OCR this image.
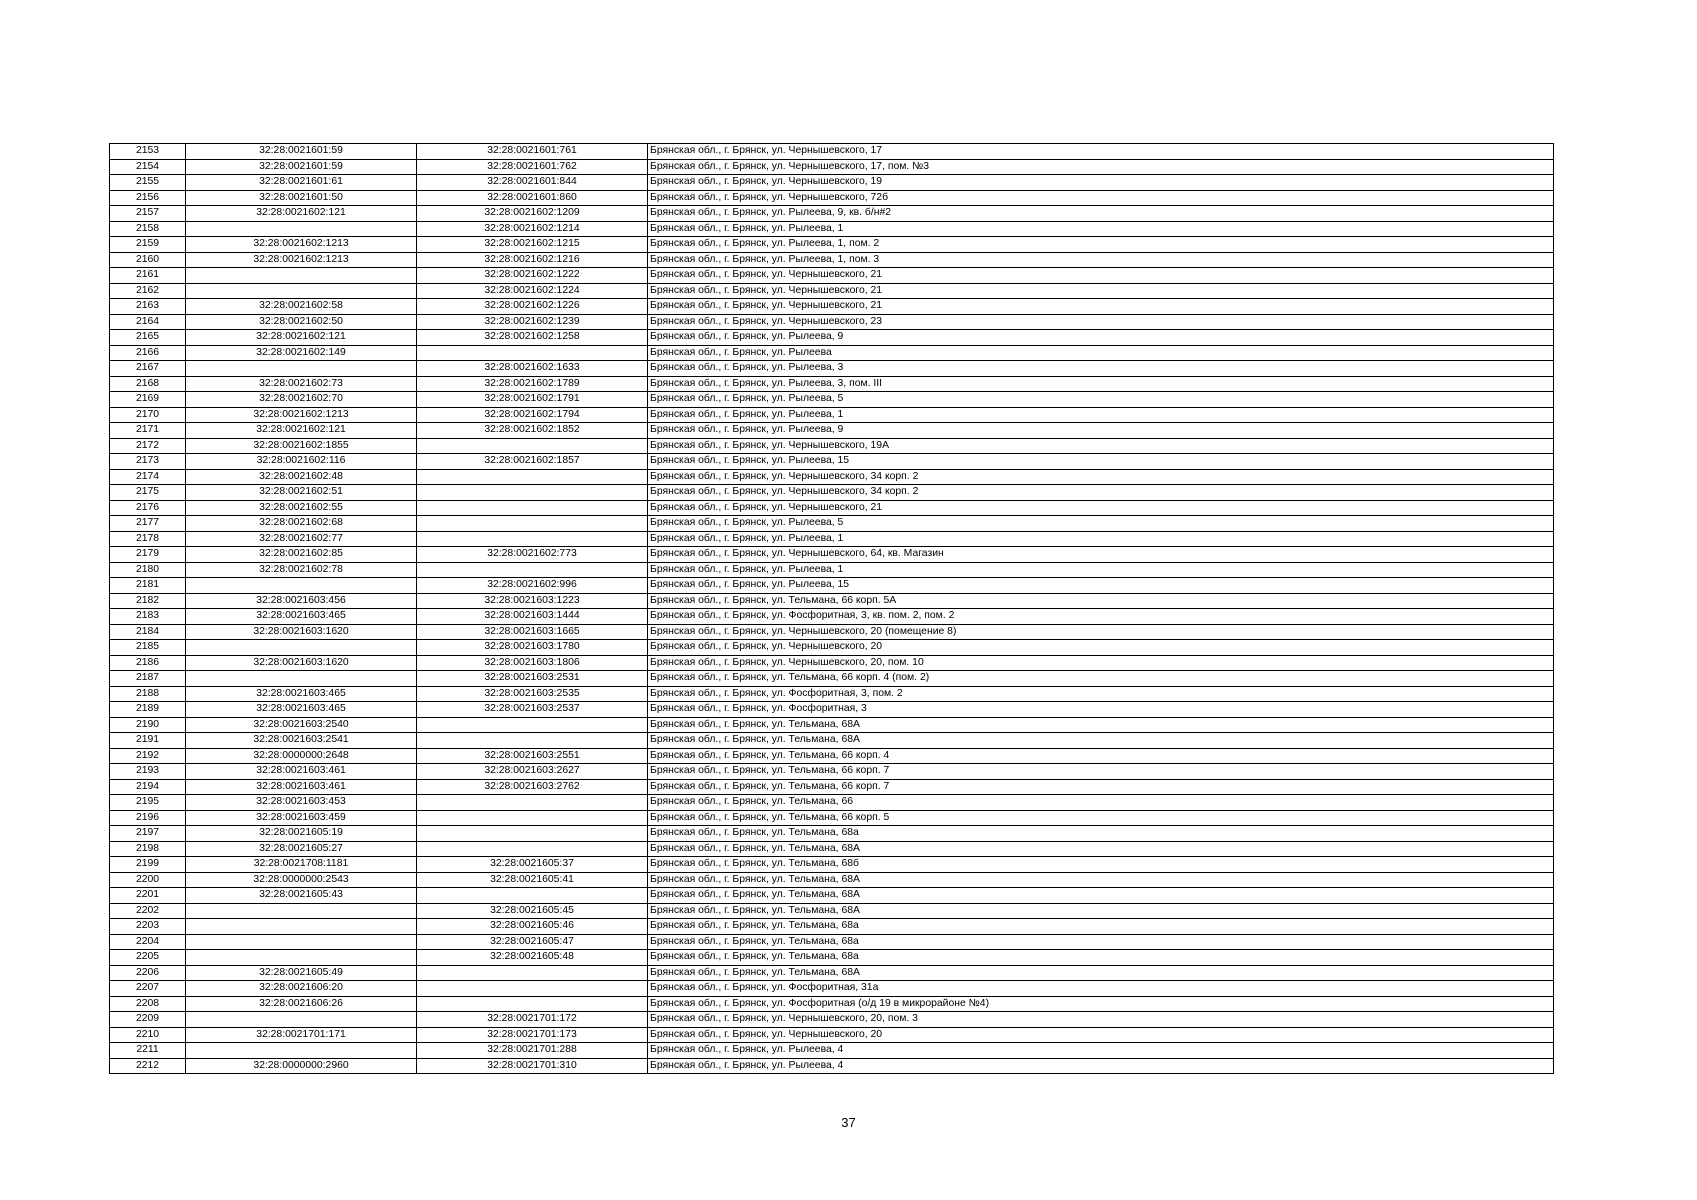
2153	32:28:0021601:59	32:28:0021601:761	Брянская обл., г. Брянск, ул. Чернышевского, 17
2154	32:28:0021601:59	32:28:0021601:762	Брянская обл., г. Брянск, ул. Чернышевского, 17, пом. №3
2155	32:28:0021601:61	32:28:0021601:844	Брянская обл., г. Брянск, ул. Чернышевского, 19
2156	32:28:0021601:50	32:28:0021601:860	Брянская обл., г. Брянск, ул. Чернышевского, 72б
2157	32:28:0021602:121	32:28:0021602:1209	Брянская обл., г. Брянск, ул. Рылеева, 9, кв. б/н#2
2158		32:28:0021602:1214	Брянская обл., г. Брянск, ул. Рылеева, 1
2159	32:28:0021602:1213	32:28:0021602:1215	Брянская обл., г. Брянск, ул. Рылеева, 1, пом. 2
2160	32:28:0021602:1213	32:28:0021602:1216	Брянская обл., г. Брянск, ул. Рылеева, 1, пом. 3
2161		32:28:0021602:1222	Брянская обл., г. Брянск, ул. Чернышевского, 21
2162		32:28:0021602:1224	Брянская обл., г. Брянск, ул. Чернышевского, 21
2163	32:28:0021602:58	32:28:0021602:1226	Брянская обл., г. Брянск, ул. Чернышевского, 21
2164	32:28:0021602:50	32:28:0021602:1239	Брянская обл., г. Брянск, ул. Чернышевского, 23
2165	32:28:0021602:121	32:28:0021602:1258	Брянская обл., г. Брянск, ул. Рылеева, 9
2166	32:28:0021602:149		Брянская обл., г. Брянск, ул. Рылеева
2167		32:28:0021602:1633	Брянская обл., г. Брянск, ул. Рылеева, 3
2168	32:28:0021602:73	32:28:0021602:1789	Брянская обл., г. Брянск, ул. Рылеева, 3, пом. III
2169	32:28:0021602:70	32:28:0021602:1791	Брянская обл., г. Брянск, ул. Рылеева, 5
2170	32:28:0021602:1213	32:28:0021602:1794	Брянская обл., г. Брянск, ул. Рылеева, 1
2171	32:28:0021602:121	32:28:0021602:1852	Брянская обл., г. Брянск, ул. Рылеева, 9
2172	32:28:0021602:1855		Брянская обл., г. Брянск, ул. Чернышевского, 19А
2173	32:28:0021602:116	32:28:0021602:1857	Брянская обл., г. Брянск, ул. Рылеева, 15
2174	32:28:0021602:48		Брянская обл., г. Брянск, ул. Чернышевского, 34 корп. 2
2175	32:28:0021602:51		Брянская обл., г. Брянск, ул. Чернышевского, 34 корп. 2
2176	32:28:0021602:55		Брянская обл., г. Брянск, ул. Чернышевского, 21
2177	32:28:0021602:68		Брянская обл., г. Брянск, ул. Рылеева, 5
2178	32:28:0021602:77		Брянская обл., г. Брянск, ул. Рылеева, 1
2179	32:28:0021602:85	32:28:0021602:773	Брянская обл., г. Брянск, ул. Чернышевского, 64, кв. Магазин
2180	32:28:0021602:78		Брянская обл., г. Брянск, ул. Рылеева, 1
2181		32:28:0021602:996	Брянская обл., г. Брянск, ул. Рылеева, 15
2182	32:28:0021603:456	32:28:0021603:1223	Брянская обл., г. Брянск, ул. Тельмана, 66 корп. 5А
2183	32:28:0021603:465	32:28:0021603:1444	Брянская обл., г. Брянск, ул. Фосфоритная, 3, кв. пом. 2, пом. 2
2184	32:28:0021603:1620	32:28:0021603:1665	Брянская обл., г. Брянск, ул. Чернышевского, 20 (помещение 8)
2185		32:28:0021603:1780	Брянская обл., г. Брянск, ул. Чернышевского, 20
2186	32:28:0021603:1620	32:28:0021603:1806	Брянская обл., г. Брянск, ул. Чернышевского, 20, пом. 10
2187		32:28:0021603:2531	Брянская обл., г. Брянск, ул. Тельмана, 66 корп. 4 (пом. 2)
2188	32:28:0021603:465	32:28:0021603:2535	Брянская обл., г. Брянск, ул. Фосфоритная, 3, пом. 2
2189	32:28:0021603:465	32:28:0021603:2537	Брянская обл., г. Брянск, ул. Фосфоритная, 3
2190	32:28:0021603:2540		Брянская обл., г. Брянск, ул. Тельмана, 68А
2191	32:28:0021603:2541		Брянская обл., г. Брянск, ул. Тельмана, 68А
2192	32:28:0000000:2648	32:28:0021603:2551	Брянская обл., г. Брянск, ул. Тельмана, 66 корп. 4
2193	32:28:0021603:461	32:28:0021603:2627	Брянская обл., г. Брянск, ул. Тельмана, 66 корп. 7
2194	32:28:0021603:461	32:28:0021603:2762	Брянская обл., г. Брянск, ул. Тельмана, 66 корп. 7
2195	32:28:0021603:453		Брянская обл., г. Брянск, ул. Тельмана, 66
2196	32:28:0021603:459		Брянская обл., г. Брянск, ул. Тельмана, 66 корп. 5
2197	32:28:0021605:19		Брянская обл., г. Брянск, ул. Тельмана, 68а
2198	32:28:0021605:27		Брянская обл., г. Брянск, ул. Тельмана, 68А
2199	32:28:0021708:1181	32:28:0021605:37	Брянская обл., г. Брянск, ул. Тельмана, 68б
2200	32:28:0000000:2543	32:28:0021605:41	Брянская обл., г. Брянск, ул. Тельмана, 68А
2201	32:28:0021605:43		Брянская обл., г. Брянск, ул. Тельмана, 68А
2202		32:28:0021605:45	Брянская обл., г. Брянск, ул. Тельмана, 68А
2203		32:28:0021605:46	Брянская обл., г. Брянск, ул. Тельмана, 68а
2204		32:28:0021605:47	Брянская обл., г. Брянск, ул. Тельмана, 68а
2205		32:28:0021605:48	Брянская обл., г. Брянск, ул. Тельмана, 68а
2206	32:28:0021605:49		Брянская обл., г. Брянск, ул. Тельмана, 68А
2207	32:28:0021606:20		Брянская обл., г. Брянск, ул. Фосфоритная, 31а
2208	32:28:0021606:26		Брянская обл., г. Брянск, ул. Фосфоритная (о/д 19 в микрорайоне №4)
2209		32:28:0021701:172	Брянская обл., г. Брянск, ул. Чернышевского, 20, пом. 3
2210	32:28:0021701:171	32:28:0021701:173	Брянская обл., г. Брянск, ул. Чернышевского, 20
2211		32:28:0021701:288	Брянская обл., г. Брянск, ул. Рылеева, 4
2212	32:28:0000000:2960	32:28:0021701:310	Брянская обл., г. Брянск, ул. Рылеева, 4
37
